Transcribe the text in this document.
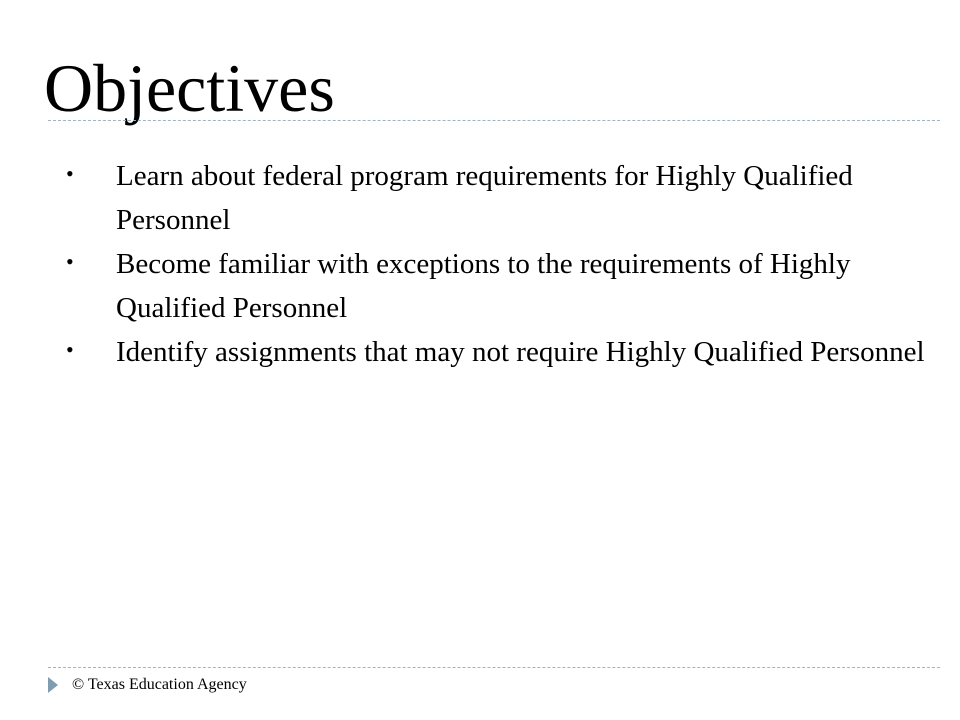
Objectives
• Learn about federal program requirements for Highly Qualified Personnel
• Become familiar with exceptions to the requirements of Highly Qualified Personnel
• Identify assignments that may not require Highly Qualified Personnel
© Texas Education Agency
